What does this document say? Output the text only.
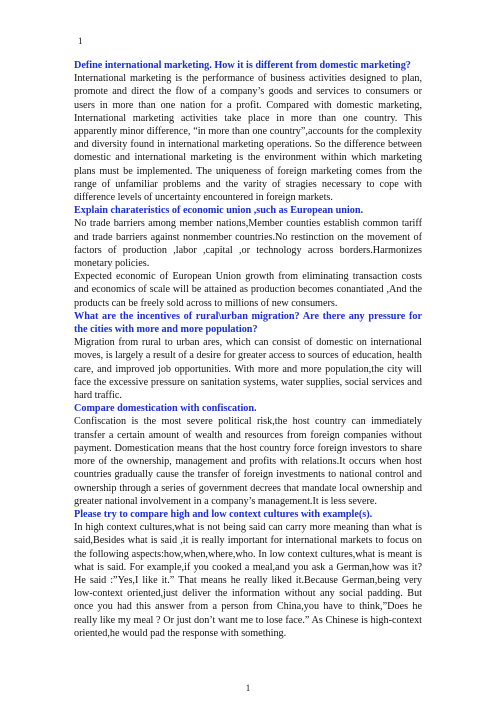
1

Define international marketing. How it is different from domestic marketing?

International marketing is the performance of business activities designed to plan, promote and direct the flow of a company’s goods and services to consumers or users in more than one nation for a profit. Compared with domestic marketing, International marketing activities take place in more than one country. This apparently minor difference, “in more than one country”,accounts for the complexity and diversity found in international marketing operations. So the difference between domestic and international marketing is the environment within which marketing plans must be implemented. The uniqueness of foreign marketing comes from the range of unfamiliar problems and the varity of stragies necessary to cope with difference levels of uncertainty encountered in foreign markets.

Explain charateristics of economic union ,such as European union.

No trade barriers among member nations,Member counties establish common tariff and trade barriers against nonmember countries.No restinction on the movement of factors of production ,labor ,capital ,or technology across borders.Harmonizes monetary policies.

Expected economic of European Union growth from eliminating transaction costs and economics of scale will be attained as production becomes conantiated ,And the products can be freely sold across to millions of new consumers.

What are the incentives of rural\urban migration? Are there any pressure for the cities with more and more population?

Migration from rural to urban ares, which can consist of domestic on international moves, is largely a result of a desire for greater access to sources of education, health care, and improved job opportunities. With more and more population,the city will face the excessive pressure on sanitation systems, water supplies, social services and hard traffic.

Compare domestication with confiscation.

Confiscation is the most severe political risk,the host country can immediately transfer a certain amount of wealth and resources from foreign companies without payment. Domestication means that the host country force foreign investors to share more of the ownership, management and profits with relations.It occurs when host countries gradually cause the transfer of foreign investments to national control and ownership through a series of government decrees that mandate local ownership and greater national involvement in a company’s management.It is less severe.

Please try to compare high and low context cultures with example(s).

In high context cultures,what is not being said can carry more meaning than what is said,Besides what is said ,it is really important for international markets to focus on the following aspects:how,when,where,who. In low context cultures,what is meant is what is said. For example,if you cooked a meal,and you ask a German,how was it?He said :”Yes,I like it.” That means he really liked it.Because German,being very low-context oriented,just deliver the information without any social padding. But once you had this answer from a person from China,you have to think,”Does he really like my meal ? Or just don’t want me to lose face.” As Chinese is high-context oriented,he would pad the response with something.

1
